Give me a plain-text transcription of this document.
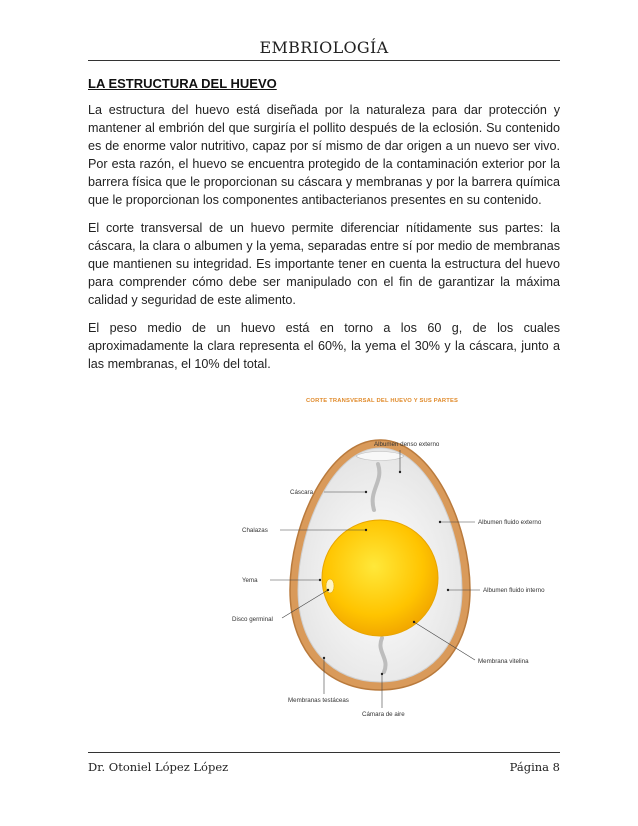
EMBRIOLOGÍA
LA ESTRUCTURA DEL HUEVO

La estructura del huevo está diseñada por la naturaleza para dar protección y mantener al embrión del que surgiría el pollito después de la eclosión. Su contenido es de enorme valor nutritivo, capaz por sí mismo de dar origen a un nuevo ser vivo. Por esta razón, el huevo se encuentra protegido de la contaminación exterior por la barrera física que le proporcionan su cáscara y membranas y por la barrera química que le proporcionan los componentes antibacterianos presentes en su contenido.

El corte transversal de un huevo permite diferenciar nítidamente sus partes: la cáscara, la clara o albumen y la yema, separadas entre sí por medio de membranas que mantienen su integridad. Es importante tener en cuenta la estructura del huevo para comprender cómo debe ser manipulado con el fin de garantizar la máxima calidad y seguridad de este alimento.

El peso medio de un huevo está en torno a los 60 g, de los cuales aproximadamente la clara representa el 60%, la yema el 30% y la cáscara, junto a las membranas, el 10% del total.

CORTE TRANSVERSAL DEL HUEVO Y SUS PARTES
Albumen denso externo
Cáscara
Albumen fluido externo
Chalazas
Yema
Albumen fluido interno
Disco germinal
Membrana vitelina
Membranas testáceas
Cámara de aire
Dr. Otoniel López López	Página 8
